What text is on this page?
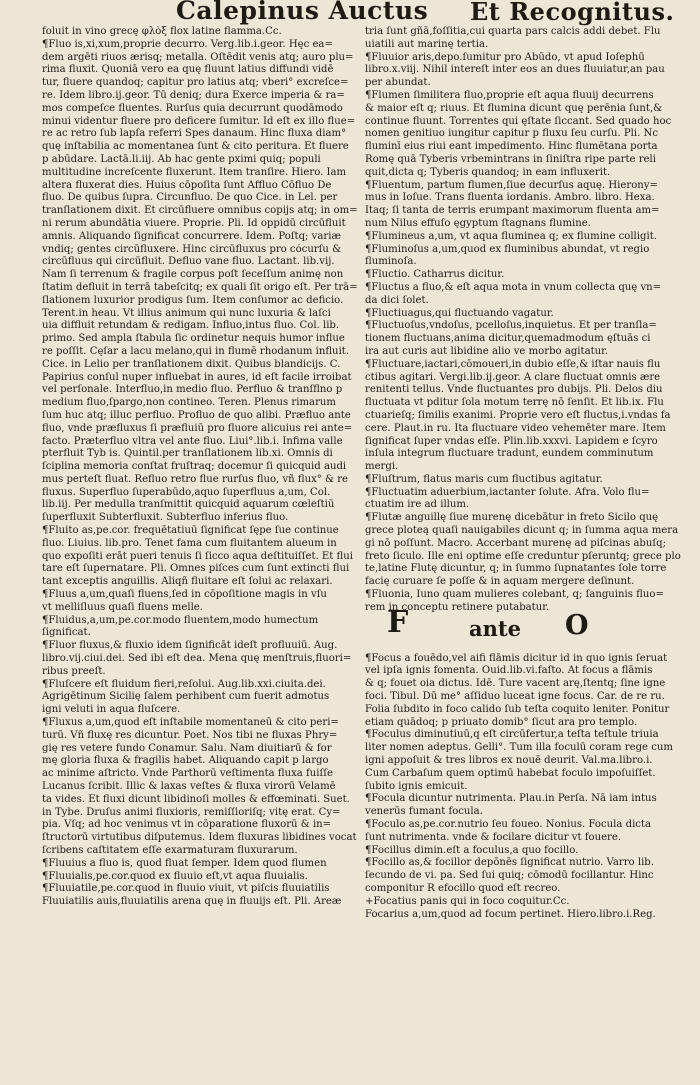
Calepinus Auctus Et Recognitus.
foluit in vino grecę φλὸξ flox latine flamma.Cc.
¶Fluo is,xi,xum,proprie decurro. Verg.lib.i.geor. Hęc ea=
dem argēti riuos ærisq; metalla. Oſtēdit venis atq; auro plu=
rima fluxit. Quoniā vero ea quę fluunt latius diffundi vidē
tur, fluere quandoq; capitur pro latius atq; vberi° excreſce=
re. Idem libro.ij.geor. Tū deniq; dura Exerce imperia & ra=
mos compeſce fluentes. Rurſus quia decurrunt quodāmodo
minui videntur fluere pro deficere ſumitur. Id eſt ex illo flue=
re ac retro ſub lapſa referri Spes danaum. Hinc fluxa diam°
quę inſtabilia ac momentanea ſunt & cito peritura. Et fluere
p abūdare. Lactā.li.iij. Ab hac gente pximi quiq; populi
multitudine increſcente fluxerunt. Item tranſire. Hiero. Iam
altera fluxerat dies. Huius cōpoſita ſunt Affluo Cōfluo De
fluo. De quibus ſupra. Circunfluo. De quo Cice. in Lel. per
tranſlationem dixit. Et circūfluere omnibus copijs atq; in om=
ni rerum abundātia viuere. Proprie. Pli. Id oppidū circūfluit
amnis. Aliquando ſignificat concurrere. Idem. Poſtq; variæ
vndiq; gentes circūfluxere. Hinc circūfluxus pro cócurſu &
circūfluus qui circūfluit. Defluo vane fluo. Lactant. lib.vij.
Nam ſi terrenum & fragile corpus poſt ſeceſſum animę non
ſtatim defluit in terrā tabeſcitq; ex quali ſit origo eſt. Per trā=
ſlationem luxurior prodigus ſum. Item conſumor ac deficio.
Terent.in heau. Vt illius animum qui nunc luxuria & laſci
uia diffluit retundam & redigam. Influo,intus fluo. Col. lib.
primo. Sed ampla ſtabula ſic ordinetur nequis humor influe
re poſſit. Cęſar a lacu melano,qui in flumē rhodanum influit.
Cice. in Lelio per tranſlationem dixit. Quibus blandicijs. C.
Papirius conſul nuper influebat in aures, id eſt facile irroibat
vel perſonale. Interfluo,in medio fluo. Perfluo & tranſflno p
medium fluo,ſpargo,non contineo. Teren. Plenus rimarum
ſum huc atq; illuc perfluo. Profluo de quo alibi. Præfluo ante
fluo, vnde præfluxus ſi præfluiū pro fluore alicuius rei ante=
facto. Præterfluo vltra vel ante fluo. Liui°.lib.i. Infima valle
pterfluit Tyb is. Quintil.per tranſlationem lib.xi. Omnis di
ſciplina memoria conſtat fruſtraq; docemur ſi quicquid audi
mus perteſt fluat. Refluo retro flue rurſus fluo, vñ flux° & re
fluxus. Superfluo ſuperabūdo,aquo ſuperfluus a,um, Col.
lib.iij. Per medulla tranſmittit quicquid aquarum cœleſtiū
ſuperfluxit Subterfluxit. Subterfluo inferius fluo.
¶Fluito as,pe.cor. frequētatiuū ſignificat ſępe ſue continue
fluo. Liuius. lib.pro. Tenet fama cum fluitantem alueum in
quo expoſiti erāt pueri tenuis ſi ſicco aqua deſtituiſſet. Et flui
tare eſt ſupernatare. Pli. Omnes piſces cum ſunt extincti flui
tant exceptis anguillis. Aliqñ fluitare eſt ſolui ac relaxari.
¶Fluus a,um,quaſi fluens,ſed in cōpoſitione magis in vſu
vt melliſluus quaſi fluens melle.
¶Fluidus,a,um,pe.cor.modo fluentem,modo humectum
ſignificat.
¶Fluor fluxus,& fluxio idem ſignificāt ideſt profluuiū. Aug.
libro.vij.ciui.dei. Sed ibi eſt dea. Mena quę menſtruis,fluori=
ribus preeſt.
¶Fluſcere eſt fluidum fieri,reſolui. Aug.lib.xxi.ciuita.dei.
Agrigētinum Sicilię ſalem perhibent cum fuerit admotus
igni veluti in aqua fluſcere.
¶Fluxus a,um,quod eſt inſtabile momentaneū & cito peri=
turū. Vñ fluxę res dicuntur. Poet. Nos tibi ne fluxas Phry=
gię res vetere fundo Conamur. Salu. Nam diuitiarū & for
mę gloria fluxa & fragilis habet. Aliquando capit p largo
ac minime aſtricto. Vnde Parthorū veſtimenta fluxa fuiſſe
Lucanus ſcribit. Illic & laxas veſtes & fluxa virorū Velamē
ta vides. Et fluxi dicunt libidinoſi molles & effœminati. Suet.
in Tybe. Druſus animi fluxioris, remiſſioriſq; vitę erat. Cy=
pia. Vſq; ad hoc venimus vt in cōparatione fluxorū & in=
ſtructorū virtutibus diſputemus. Idem fluxuras libidines vocat
ſcribens caſtitatem eſſe exarmaturam fluxurarum.
¶Fluuius a fluo is, quod fluat ſemper. Idem quod flumen
¶Fluuialis,pe.cor.quod ex fluuio eſt,vt aqua fluuialis.
¶Fluuiatile,pe.cor.quod in fluuio viuit, vt piſcis fluuiatilis
Fluuiatilis auis,fluuiatilis arena quę in fluuijs eſt. Pli. Areæ
tria ſunt gñā,foſſitia,cui quarta pars calcis addi debet. Flu
uiatili aut marinę tertia.
¶Fluuior aris,depo.ſumitur pro Abūdo, vt apud Ioſephū
libro.x.viij. Nihil intereſt inter eos an dues fluuiatur,an pau
per abundat.
¶Flumen ſimilitera fluo,proprie eſt aqua fluuij decurrens
& maior eſt q; riuus. Et flumina dicunt quę perēnia ſunt,&
continue fluunt. Torrentes qui ęſtate ſiccant. Sed quado hoc
nomen genitiuo iungitur capitur p fluxu ſeu curſu. Pli. Nc
fluminī eius riui eant impedimento. Hinc flumētana porta
Romę quā Tyberis vrbemintrans in ſiniſtra ripe parte reli
quit,dicta q; Tyberis quandoq; in eam influxerit.
¶Fluentum, partum flumen,ſiue decurſus aquę. Hierony=
mus in Ioſue. Trans fluenta iordanis. Ambro. libro. Hexa.
Itaq; ſi tanta de terris erumpant maximorum fluenta am=
num Nilus effuſo ęgyptum ſtagnans flumine.
¶Flumineus a,um, vt aqua fluminea q; ex flumine colligit.
¶Fluminoſus a,um,quod ex fluminibus abundat, vt regio
fluminoſa.
¶Fluctio. Catharrus dicitur.
¶Fluctus a fluo,& eſt aqua mota in vnum collecta quę vn=
da dici ſolet.
¶Fluctiuagus,qui fluctuando vagatur.
¶Fluctuoſus,vndoſus, pcelloſus,inquietus. Et per tranſla=
tionem fluctuans,anima dicitur,quemadmodum ęſtuās ci
ira aut curis aut libidine alio ve morbo agitatur.
¶Fluctuare,iactari,cōmoueri,in dubio eſſe,& iſtar nauis flu
ctibus agitari. Vergi.lib.ij.geor. A clare fluctuat omnis ære
renitenti tellus. Vnde fluctuantes pro dubijs. Pli. Delos diu
fluctuata vt pditur ſola motum terrę nō ſenſit. Et lib.ix. Flu
ctuarieſq; ſimilis exanimi. Proprie vero eſt fluctus,i.vndas fa
cere. Plaut.in ru. Ita fluctuare video vehemēter mare. Item
ſignificat ſuper vndas eſſe. Plin.lib.xxxvi. Lapidem e ſcyro
inſula integrum fluctuare tradunt, eundem comminutum
mergi.
¶Fluſtrum, flatus maris cum fluctibus agitatur.
¶Fluctuatim aduerbium,iactanter ſolute. Afra. Volo flu=
ctuatim ire ad illum.
¶Flutæ anguillę ſiue murenę dicebātur in freto Sicilo quę
grece ploteą quaſi nauigabiles dicunt q; in ſumma aqua mera
gi nō poſſunt. Macro. Accerbant murenę ad piſcinas abuſq;
freto ſiculo. Ille eni optime eſſe creduntur pſeruntq; grece plo
te,latine Flutę dicuntur, q; in ſummo ſupnatantes ſole torre
facię curuare ſe poſſe & in aquam mergere deſinunt.
¶Fluonia, Iuno quam mulieres colebant, q; ſanguinis fluo=
rem in conceptu retinere putabatur.
F	ante O
¶Focus a fouēdo,vel aifi flāmis dicitur id in quo ignis ſeruat
vel ipſa ignis fomenta. Ouid.lib.vi.faſto. At focus a flāmis
& q; fouet oia dictus. Idē. Ture vacent arę,ſtentq; ſine igne
foci. Tibul. Dū me° aſſiduo luceat igne focus. Car. de re ru.
Folia ſubdito in foco calido ſub teſta coquito leniter. Ponitur
etiam quādoq; p priuato domib° ſicut ara pro templo.
¶Foculus diminutiuū,q eſt circūfertur,a teſta teſtule triuia
liter nomen adeptus. Gelli°. Tum illa foculū coram rege cum
igni appoſuit & tres libros ex nouē deurit. Val.ma.libro.i.
Cum Carbaſum quem optimū habebat foculo impoſuiſſet.
ſubito ignis emicuit.
¶Focula dicuntur nutrimenta. Plau.in Perſa. Nā iam intus
venerūs fumant focula.
¶Foculo as,pe.cor.nutrio ſeu foueo. Nonius. Focula dicta
ſunt nutrimenta. vnde & focilare dicitur vt fouere.
¶Focillus dimin.eſt a foculus,a quo focillo.
¶Focillo as,& focillor depōnēs ſignificat nutrio. Varro lib.
ſecundo de vi. pa. Sed ſui quiq; cōmodū focillantur. Hinc
componitur R efocillo quod eſt recreo.
+Focatius panis qui in foco coquitur.Cc.
Focarius a,um,quod ad focum pertinet. Hiero.libro.i.Reg.
